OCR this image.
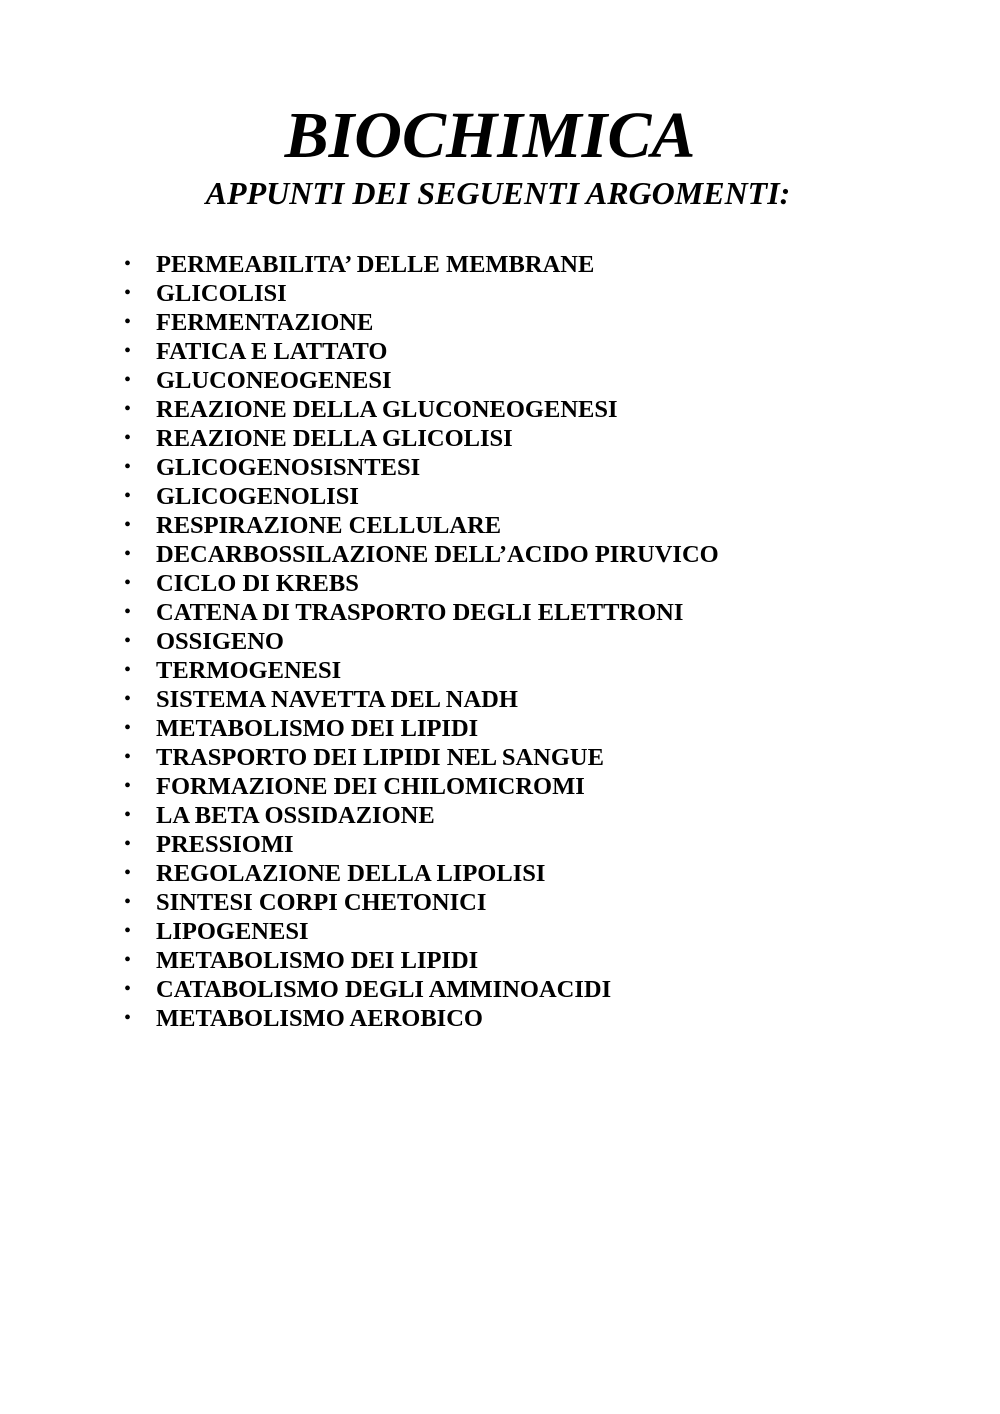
BIOCHIMICA
APPUNTI DEI SEGUENTI ARGOMENTI:
• PERMEABILITA’ DELLE MEMBRANE
• GLICOLISI
• FERMENTAZIONE
• FATICA E LATTATO
• GLUCONEOGENESI
• REAZIONE DELLA GLUCONEOGENESI
• REAZIONE DELLA GLICOLISI
• GLICOGENOSISNTESI
• GLICOGENOLISI
• RESPIRAZIONE CELLULARE
• DECARBOSSILAZIONE DELL’ACIDO PIRUVICO
• CICLO DI KREBS
• CATENA DI TRASPORTO DEGLI ELETTRONI
• OSSIGENO
• TERMOGENESI
• SISTEMA NAVETTA DEL NADH
• METABOLISMO DEI LIPIDI
• TRASPORTO DEI LIPIDI NEL SANGUE
• FORMAZIONE DEI CHILOMICROMI
• LA BETA OSSIDAZIONE
• PRESSIOMI
• REGOLAZIONE DELLA LIPOLISI
• SINTESI CORPI CHETONICI
• LIPOGENESI
• METABOLISMO DEI LIPIDI
• CATABOLISMO DEGLI AMMINOACIDI
• METABOLISMO AEROBICO
